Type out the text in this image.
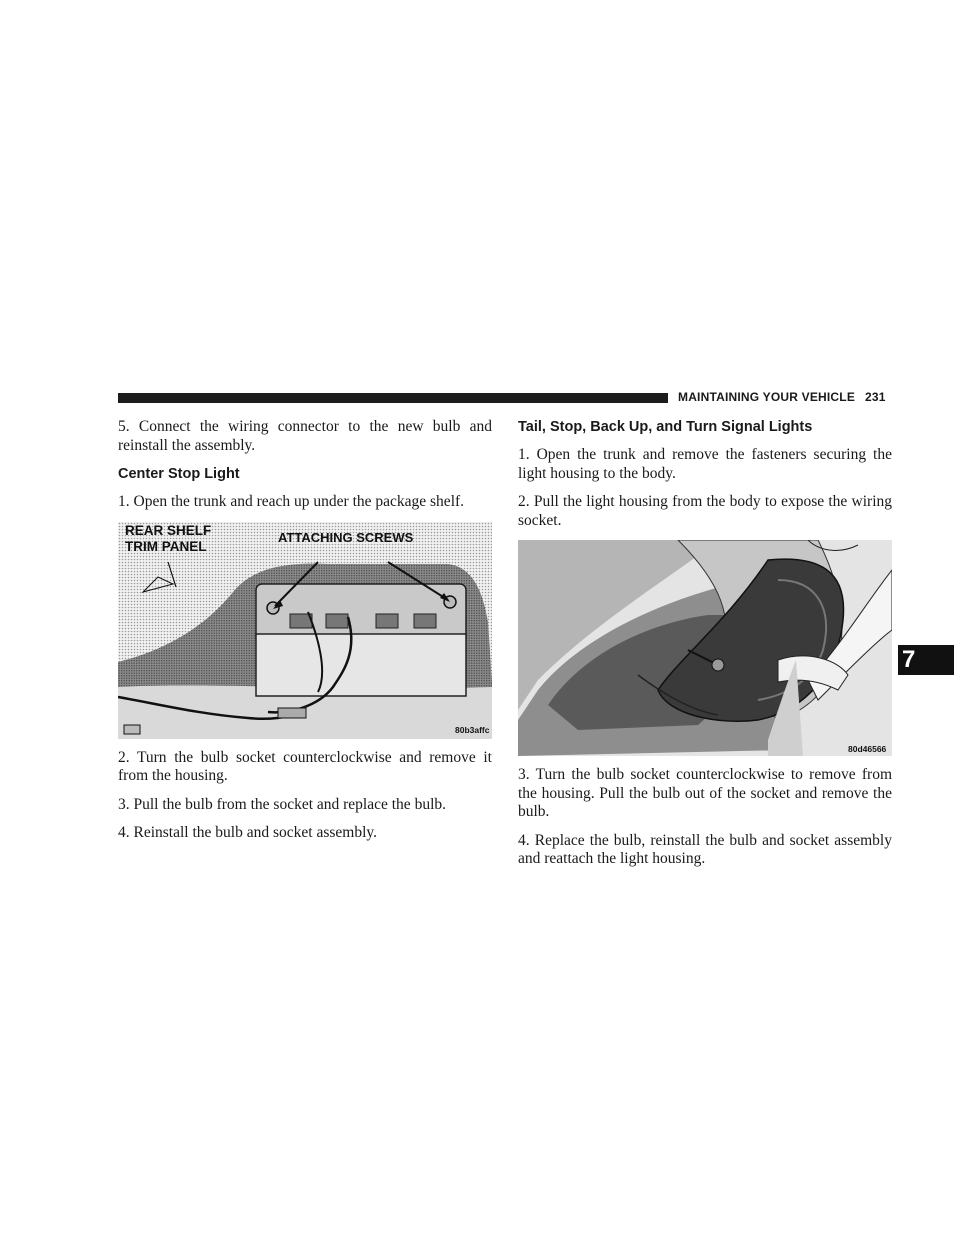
MAINTAINING YOUR VEHICLE 231

5. Connect the wiring connector to the new bulb and reinstall the assembly.

Center Stop Light

1. Open the trunk and reach up under the package shelf.

REAR SHELF
TRIM PANEL
ATTACHING SCREWS
80b3affc

2. Turn the bulb socket counterclockwise and remove it from the housing.

3. Pull the bulb from the socket and replace the bulb.

4. Reinstall the bulb and socket assembly.

Tail, Stop, Back Up, and Turn Signal Lights

1. Open the trunk and remove the fasteners securing the light housing to the body.

2. Pull the light housing from the body to expose the wiring socket.

80d46566

3. Turn the bulb socket counterclockwise to remove from the housing. Pull the bulb out of the socket and remove the bulb.

4. Replace the bulb, reinstall the bulb and socket assembly and reattach the light housing.

7
